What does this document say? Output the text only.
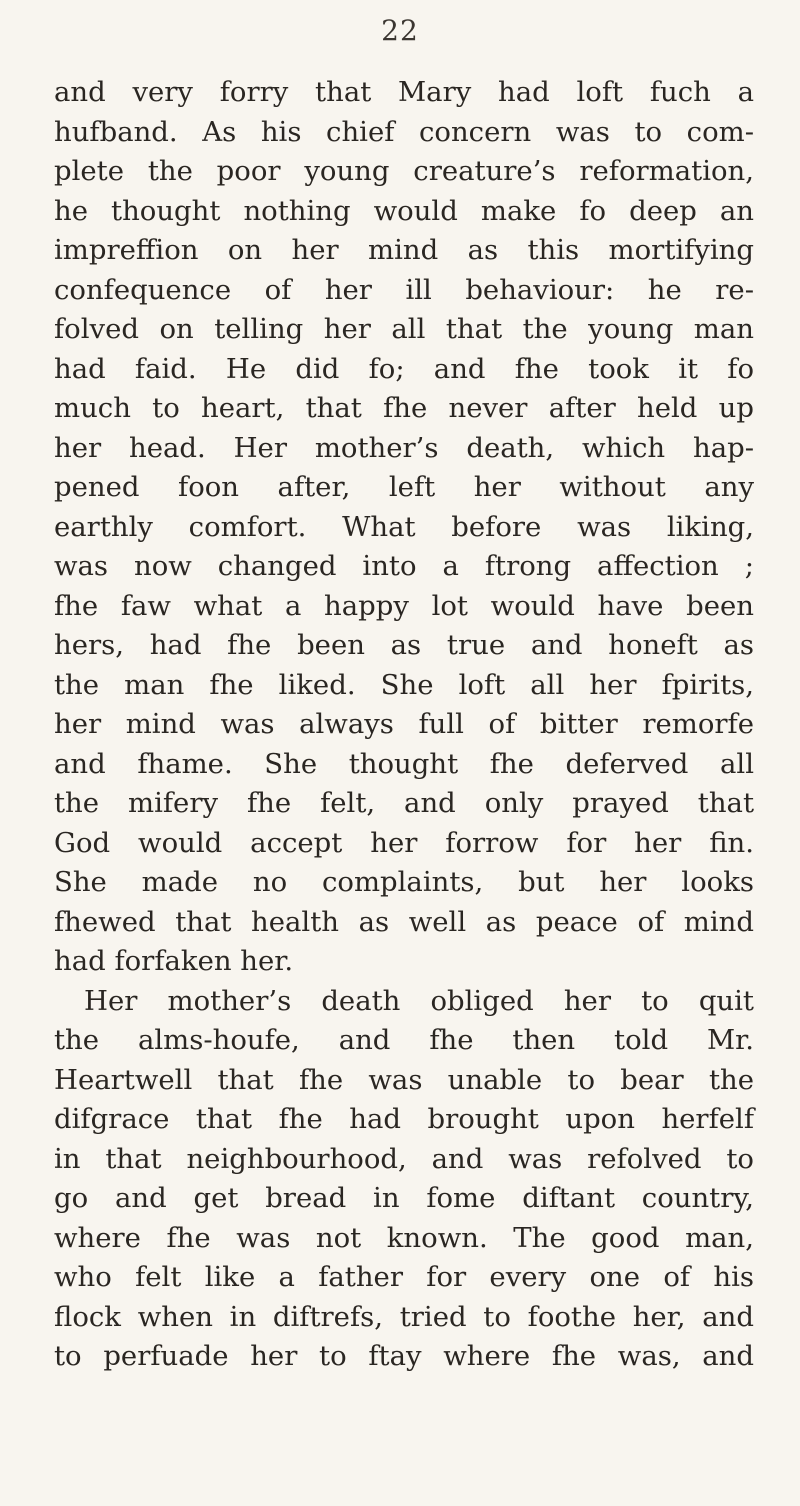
22
and very forry that Mary had loft fuch a
hufband. As his chief concern was to com-
plete the poor young creature’s reformation,
he thought nothing would make fo deep an
impreffion on her mind as this mortifying
confequence of her ill behaviour: he re-
folved on telling her all that the young man
had faid. He did fo; and fhe took it fo
much to heart, that fhe never after held up
her head. Her mother’s death, which hap-
pened foon after, left her without any
earthly comfort. What before was liking,
was now changed into a ftrong affection ;
fhe faw what a happy lot would have been
hers, had fhe been as true and honeft as
the man fhe liked. She loft all her fpirits,
her mind was always full of bitter remorfe
and fhame. She thought fhe deferved all
the mifery fhe felt, and only prayed that
God would accept her forrow for her fin.
She made no complaints, but her looks
fhewed that health as well as peace of mind
had forfaken her.
Her mother’s death obliged her to quit
the alms-houfe, and fhe then told Mr.
Heartwell that fhe was unable to bear the
difgrace that fhe had brought upon herfelf
in that neighbourhood, and was refolved to
go and get bread in fome diftant country,
where fhe was not known. The good man,
who felt like a father for every one of his
flock when in diftrefs, tried to foothe her, and
to perfuade her to ftay where fhe was, and
